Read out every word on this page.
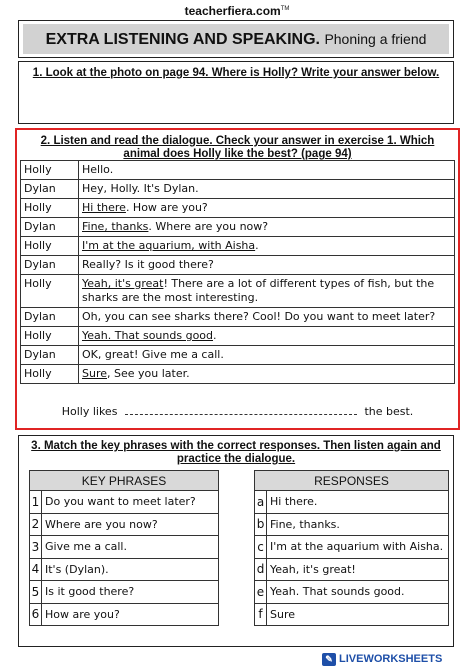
teacherfiera.com™
EXTRA LISTENING AND SPEAKING. Phoning a friend
1. Look at the photo on page 94. Where is Holly? Write your answer below.
2. Listen and read the dialogue. Check your answer in exercise 1. Which animal does Holly like the best? (page 94)
Holly	Hello.
Dylan	Hey, Holly. It's Dylan.
Holly	Hi there. How are you?
Dylan	Fine, thanks. Where are you now?
Holly	I'm at the aquarium, with Aisha.
Dylan	Really? Is it good there?
Holly	Yeah, it's great! There are a lot of different types of fish, but the sharks are the most interesting.
Dylan	Oh, you can see sharks there? Cool! Do you want to meet later?
Holly	Yeah. That sounds good.
Dylan	OK, great! Give me a call.
Holly	Sure, See you later.
Holly likes	the best.
3. Match the key phrases with the correct responses. Then listen again and practice the dialogue.
KEY PHRASES	
1	Do you want to meet later?
2	Where are you now?
3	Give me a call.
4	It's (Dylan).
5	Is it good there?
6	How are you?
RESPONSES	
a	Hi there.
b	Fine, thanks.
c	I'm at the aquarium with Aisha.
d	Yeah, it's great!
e	Yeah. That sounds good.
f	Sure
✎ LIVEWORKSHEETS
